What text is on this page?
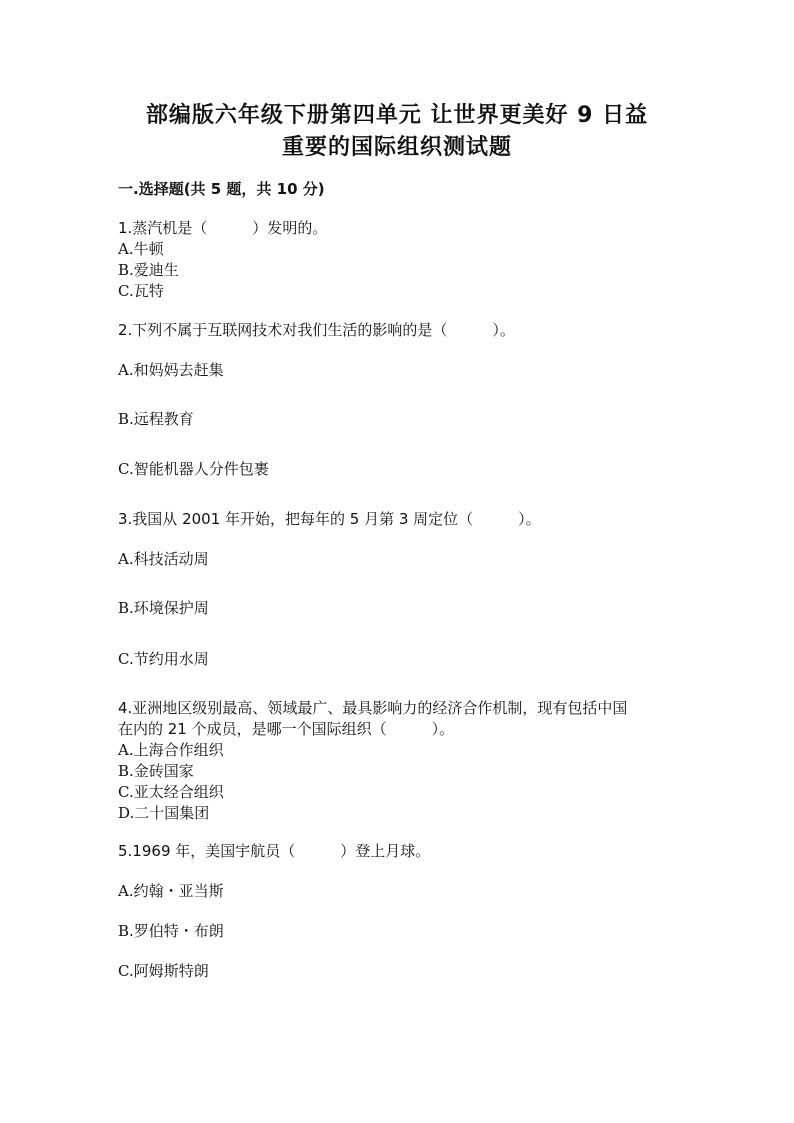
部编版六年级下册第四单元 让世界更美好 9 日益
重要的国际组织测试题
一.选择题(共 5 题，共 10 分)
1.蒸汽机是（　　　）发明的。
A.牛顿
B.爱迪生
C.瓦特
2.下列不属于互联网技术对我们生活的影响的是（　　　）。
A.和妈妈去赶集
B.远程教育
C.智能机器人分件包裹
3.我国从 2001 年开始，把每年的 5 月第 3 周定位（　　　）。
A.科技活动周
B.环境保护周
C.节约用水周
4.亚洲地区级别最高、领域最广、最具影响力的经济合作机制，现有包括中国
在内的 21 个成员，是哪一个国际组织（　　　）。
A.上海合作组织
B.金砖国家
C.亚太经合组织
D.二十国集团
5.1969 年，美国宇航员（　　　）登上月球。
A.约翰・亚当斯
B.罗伯特・布朗
C.阿姆斯特朗
